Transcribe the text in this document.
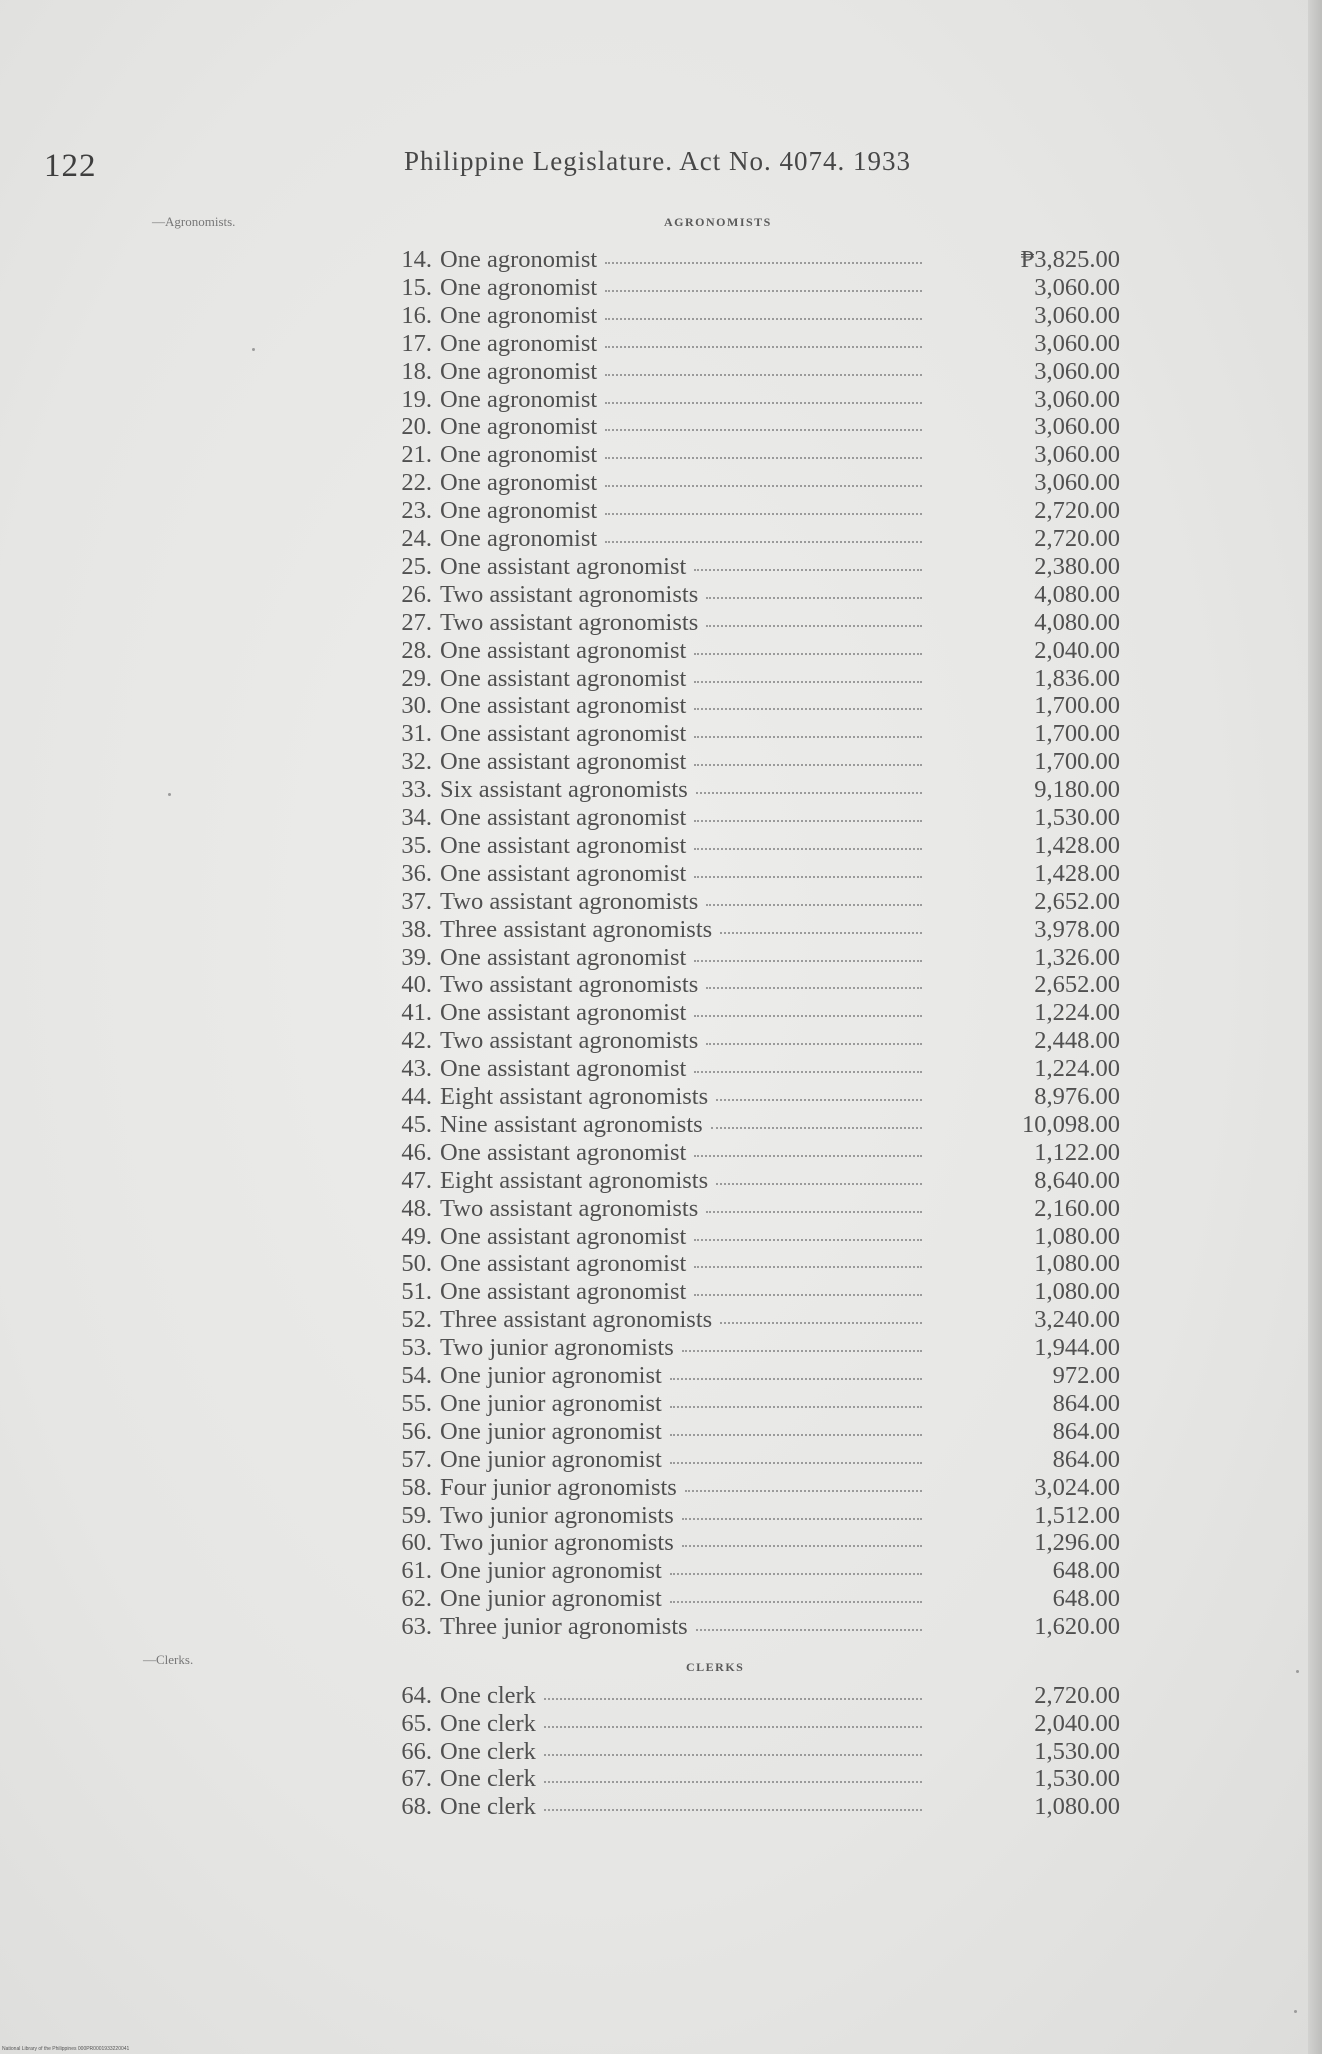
122	Philippine Legislature. Act No. 4074. 1933
—Agronomists.	AGRONOMISTS
14. One agronomist	₱3,825.00
15. One agronomist	3,060.00
16. One agronomist	3,060.00
17. One agronomist	3,060.00
18. One agronomist	3,060.00
19. One agronomist	3,060.00
20. One agronomist	3,060.00
21. One agronomist	3,060.00
22. One agronomist	3,060.00
23. One agronomist	2,720.00
24. One agronomist	2,720.00
25. One assistant agronomist	2,380.00
26. Two assistant agronomists	4,080.00
27. Two assistant agronomists	4,080.00
28. One assistant agronomist	2,040.00
29. One assistant agronomist	1,836.00
30. One assistant agronomist	1,700.00
31. One assistant agronomist	1,700.00
32. One assistant agronomist	1,700.00
33. Six assistant agronomists	9,180.00
34. One assistant agronomist	1,530.00
35. One assistant agronomist	1,428.00
36. One assistant agronomist	1,428.00
37. Two assistant agronomists	2,652.00
38. Three assistant agronomists	3,978.00
39. One assistant agronomist	1,326.00
40. Two assistant agronomists	2,652.00
41. One assistant agronomist	1,224.00
42. Two assistant agronomists	2,448.00
43. One assistant agronomist	1,224.00
44. Eight assistant agronomists	8,976.00
45. Nine assistant agronomists	10,098.00
46. One assistant agronomist	1,122.00
47. Eight assistant agronomists	8,640.00
48. Two assistant agronomists	2,160.00
49. One assistant agronomist	1,080.00
50. One assistant agronomist	1,080.00
51. One assistant agronomist	1,080.00
52. Three assistant agronomists	3,240.00
53. Two junior agronomists	1,944.00
54. One junior agronomist	972.00
55. One junior agronomist	864.00
56. One junior agronomist	864.00
57. One junior agronomist	864.00
58. Four junior agronomists	3,024.00
59. Two junior agronomists	1,512.00
60. Two junior agronomists	1,296.00
61. One junior agronomist	648.00
62. One junior agronomist	648.00
63. Three junior agronomists	1,620.00
—Clerks.	CLERKS
64. One clerk	2,720.00
65. One clerk	2,040.00
66. One clerk	1,530.00
67. One clerk	1,530.00
68. One clerk	1,080.00
National Library of the Philippines 000PR0001933220041
